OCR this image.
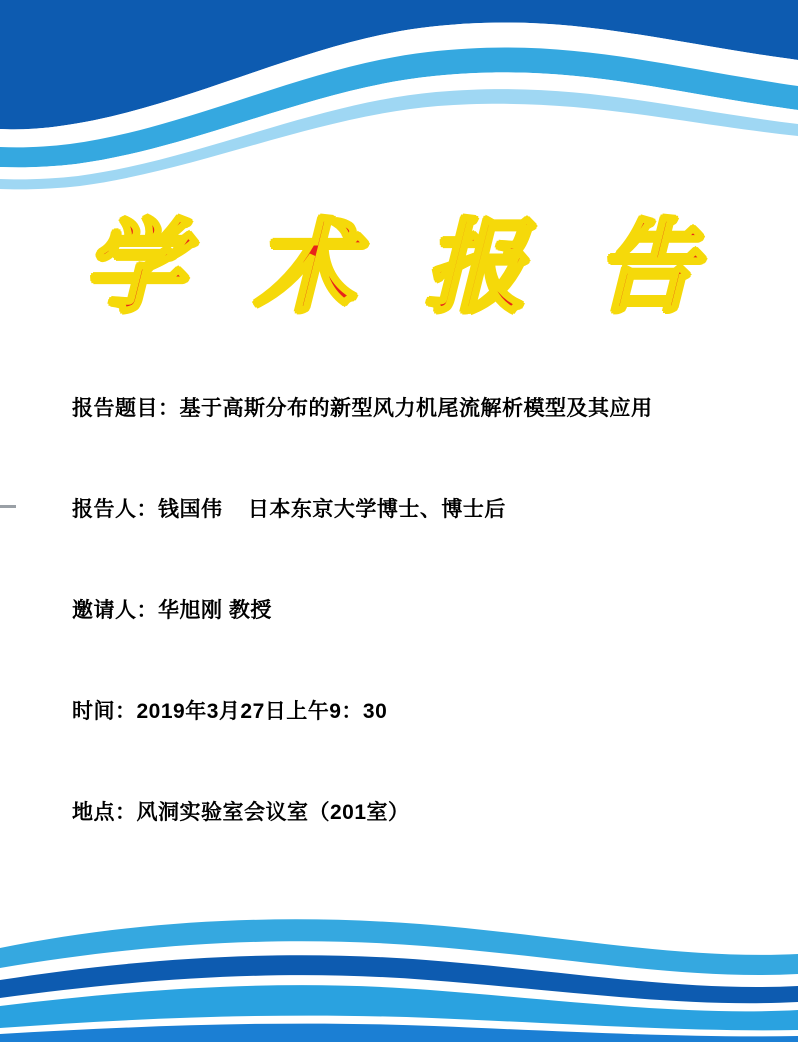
学 术 报 告

报告题目：基于高斯分布的新型风力机尾流解析模型及其应用

报告人：钱国伟    日本东京大学博士、博士后

邀请人：华旭刚 教授

时间：2019年3月27日上午9：30

地点：风洞实验室会议室（201室）
